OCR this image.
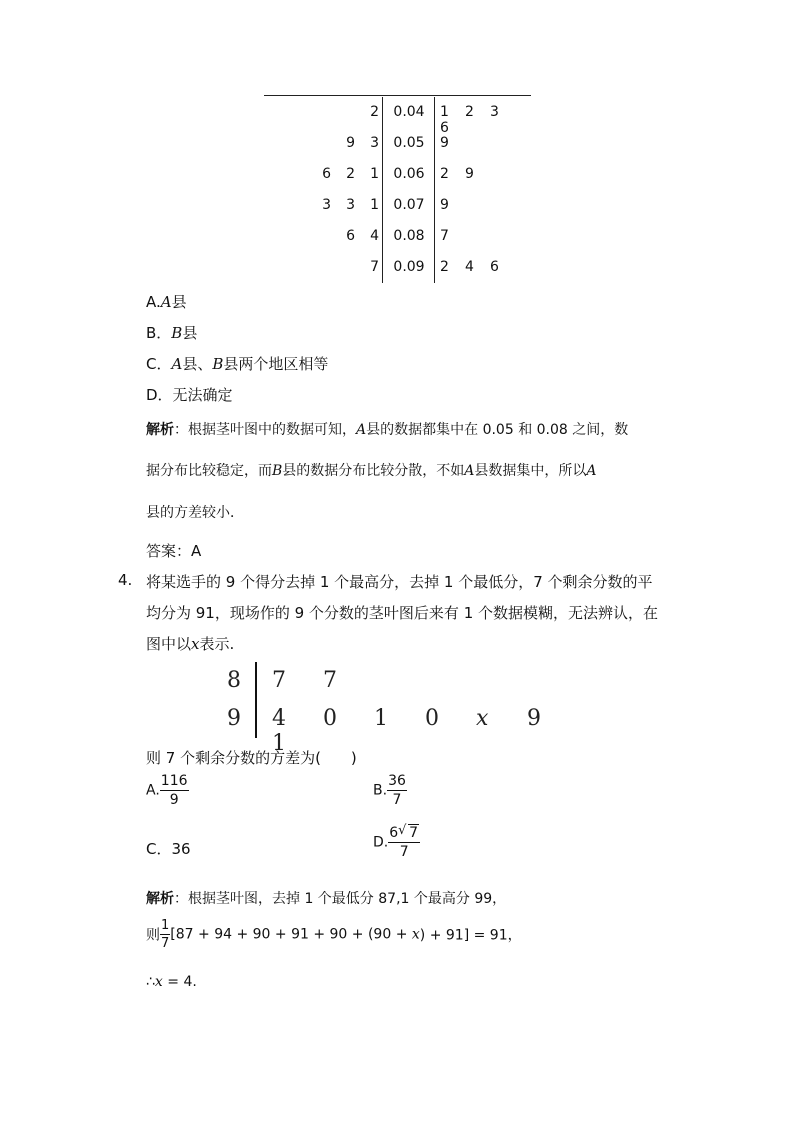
2	0.04	1 2 36
9 3	0.05	9
6 2 1	0.06	2 9
3 3 1	0.07	9
6 4	0.08	7
7	0.09	2 4 6
A.A县
B．B县
C．A县、B县两个地区相等
D．无法确定
解析：根据茎叶图中的数据可知，A县的数据都集中在 0.05 和 0.08 之间，数
据分布比较稳定，而B县的数据分布比较分散，不如A县数据集中，所以A
县的方差较小．
答案：A
4. 将某选手的 9 个得分去掉 1 个最高分，去掉 1 个最低分，7 个剩余分数的平
均分为 91，现场作的 9 个分数的茎叶图后来有 1 个数据模糊，无法辨认，在
图中以x表示.
8 7 7
9 4 0 1 0 x 91
则 7 个剩余分数的方差为(　　)
A. $\frac{116}{9}$	B. $\frac{36}{7}$
C．36	D. $\frac{6√ 7}{7}$
解析：根据茎叶图，去掉 1 个最低分 87,1 个最高分 99，
则 $\frac{1}{7} [87 + 94 + 90 + 91 + 90 + (90 + x) + 91] = 91$，
∴x = 4.
